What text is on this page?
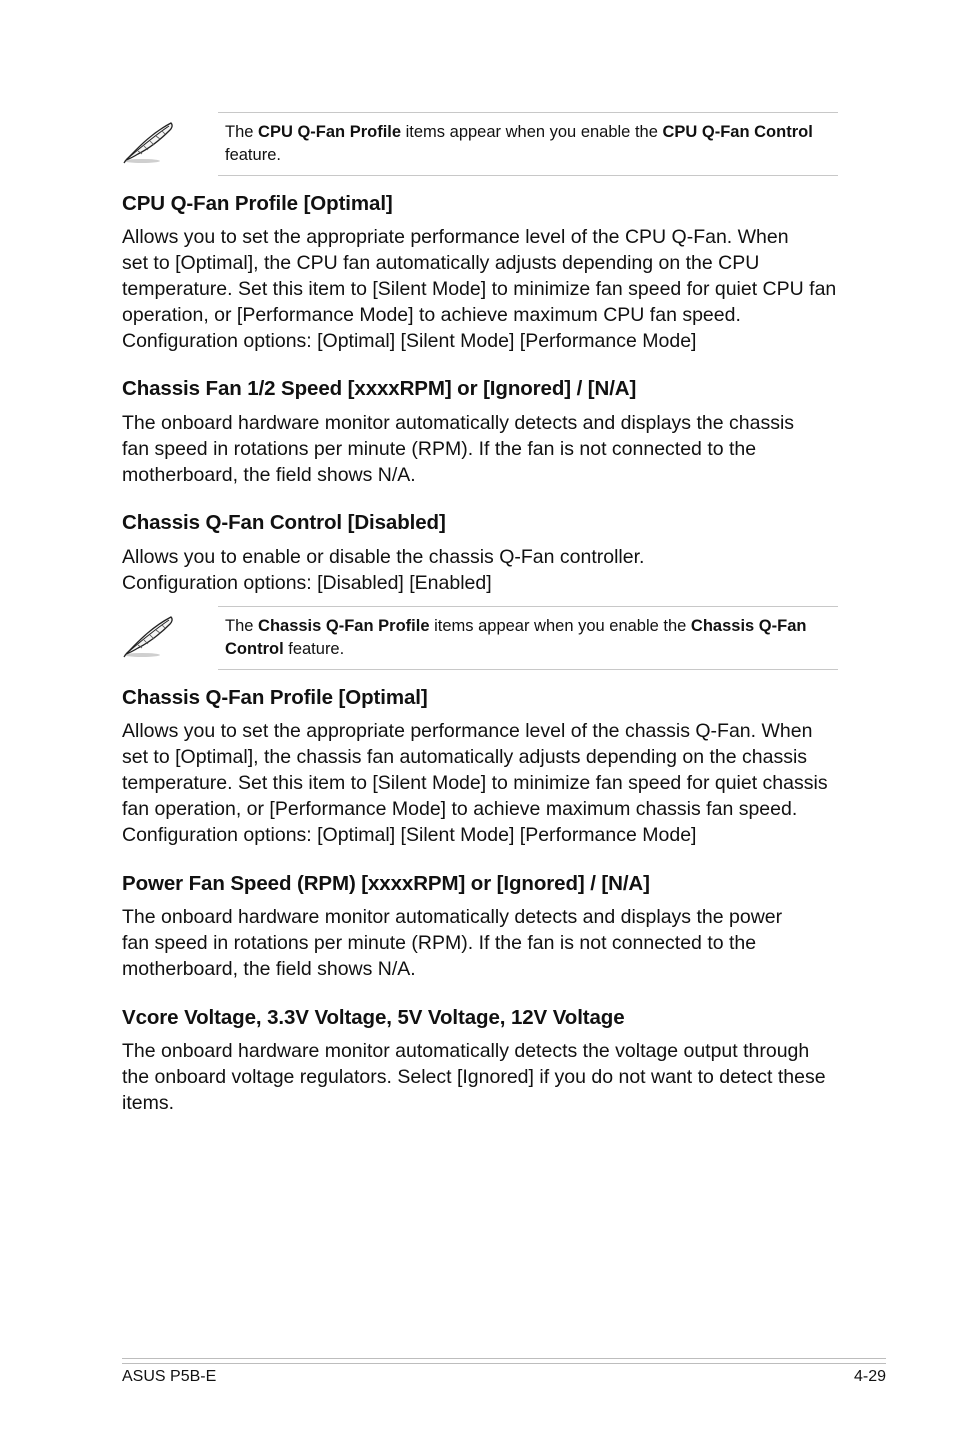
The CPU Q-Fan Profile items appear when you enable the CPU Q-Fan Control feature.
CPU Q-Fan Profile [Optimal]
Allows you to set the appropriate performance level of the CPU Q-Fan. When
set to [Optimal], the CPU fan automatically adjusts depending on the CPU
temperature. Set this item to [Silent Mode] to minimize fan speed for quiet CPU fan
operation, or [Performance Mode] to achieve maximum CPU fan speed.
Configuration options: [Optimal] [Silent Mode] [Performance Mode]
Chassis Fan 1/2 Speed [xxxxRPM] or [Ignored] / [N/A]
The onboard hardware monitor automatically detects and displays the chassis
fan speed in rotations per minute (RPM). If the fan is not connected to the
motherboard, the field shows N/A.
Chassis Q-Fan Control [Disabled]
Allows you to enable or disable the chassis Q-Fan controller.
Configuration options: [Disabled] [Enabled]
The Chassis Q-Fan Profile items appear when you enable the Chassis Q-Fan Control feature.
Chassis Q-Fan Profile [Optimal]
Allows you to set the appropriate performance level of the chassis Q-Fan. When
set to [Optimal], the chassis fan automatically adjusts depending on the chassis
temperature. Set this item to [Silent Mode] to minimize fan speed for quiet chassis
fan operation, or [Performance Mode] to achieve maximum chassis fan speed.
Configuration options: [Optimal] [Silent Mode] [Performance Mode]
Power Fan Speed (RPM) [xxxxRPM] or [Ignored] / [N/A]
The onboard hardware monitor automatically detects and displays the power
fan speed in rotations per minute (RPM). If the fan is not connected to the
motherboard, the field shows N/A.
Vcore Voltage, 3.3V Voltage, 5V Voltage, 12V Voltage
The onboard hardware monitor automatically detects the voltage output through
the onboard voltage regulators. Select [Ignored] if you do not want to detect these
items.
ASUS P5B-E	4-29
